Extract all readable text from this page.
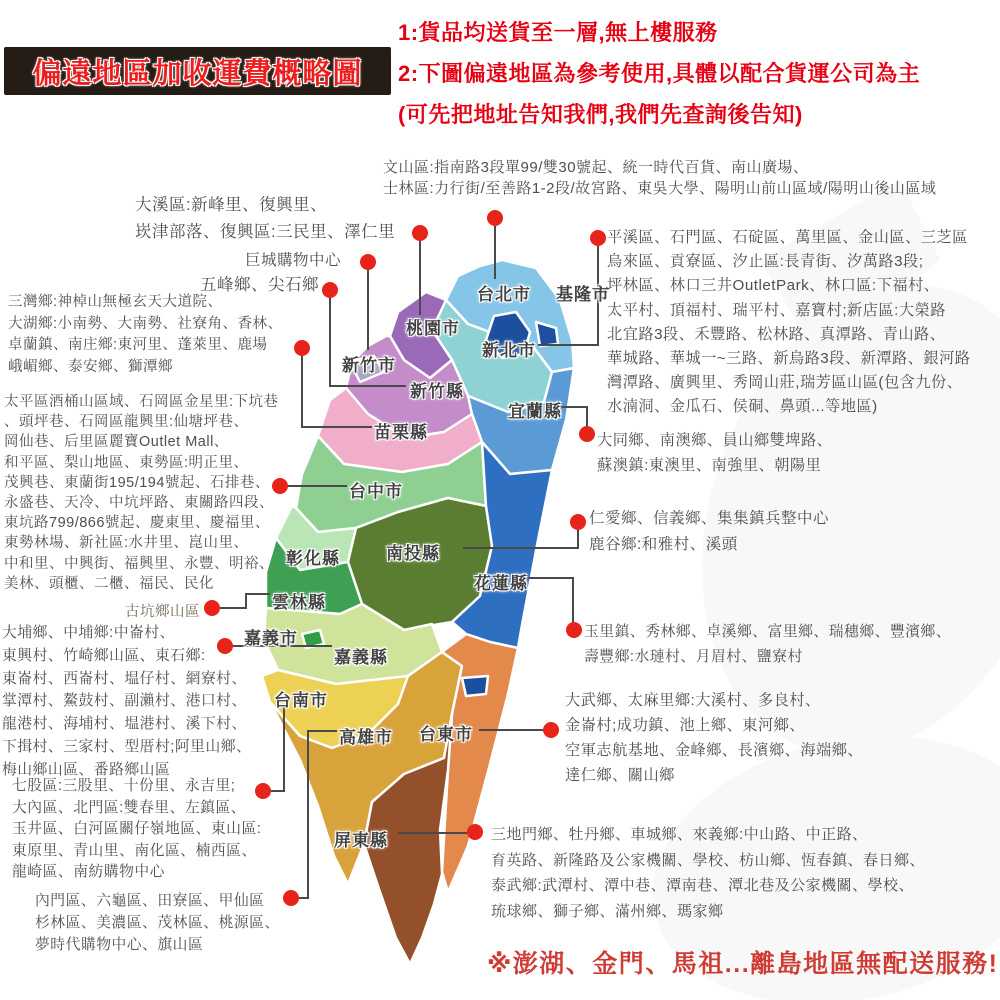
偏遠地區加收運費概略圖
1:貨品均送貨至一層,無上樓服務
2:下圖偏遠地區為參考使用,具體以配合貨運公司為主
(可先把地址告知我們,我們先查詢後告知)
基隆市
新北市
台北市
桃園市
新竹縣
新竹市
宜蘭縣
苗栗縣
台中市
彰化縣	南投縣
花蓮縣
雲林縣
嘉義市
嘉義縣
台南市
高雄市 台東市
屏東縣
大溪區:新峰里、復興里、
崁津部落、復興區:三民里、澤仁里
文山區:指南路3段單99/雙30號起、統一時代百貨、南山廣場、
士林區:力行街/至善路1-2段/故宮路、東吳大學、陽明山前山區域/陽明山後山區域
巨城購物中心
五峰鄉、尖石鄉
三灣鄉:神棹山無極玄天大道院、
大湖鄉:小南勢、大南勢、社寮角、香林、
卓蘭鎮、南庄鄉:東河里、蓬萊里、鹿場
峨嵋鄉、泰安鄉、獅潭鄉
太平區酒桶山區域、石岡區金星里:下坑巷
、頭坪巷、石岡區龍興里:仙塘坪巷、
岡仙巷、后里區麗寶Outlet Mall、
和平區、梨山地區、東勢區:明正里、
茂興巷、東蘭街195/194號起、石排巷、
永盛巷、天冷、中坑坪路、東關路四段、
東坑路799/866號起、慶東里、慶福里、
東勢林場、新社區:水井里、崑山里、
中和里、中興街、福興里、永豐、明裕、
美林、頭櫃、二櫃、福民、民化
古坑鄉山區
大埔鄉、中埔鄉:中崙村、
東興村、竹崎鄉山區、東石鄉:
東崙村、西崙村、塭仔村、網寮村、
掌潭村、鰲鼓村、副瀨村、港口村、
龍港村、海埔村、塭港村、溪下村、
下揖村、三家村、型厝村;阿里山鄉、
梅山鄉山區、番路鄉山區
七股區:三股里、十份里、永吉里;
大內區、北門區:雙春里、左鎮區、
玉井區、白河區關仔嶺地區、東山區:
東原里、青山里、南化區、楠西區、
龍崎區、南紡購物中心
內門區、六龜區、田寮區、甲仙區
杉林區、美濃區、茂林區、桃源區、
夢時代購物中心、旗山區
平溪區、石門區、石碇區、萬里區、金山區、三芝區
烏來區、貢寮區、汐止區:長青街、汐萬路3段;
坪林區、林口三井OutletPark、林口區:下福村、
太平村、頂福村、瑞平村、嘉寶村;新店區:大榮路
北宜路3段、禾豐路、松林路、真潭路、青山路、
華城路、華城一~三路、新烏路3段、新潭路、銀河路
灣潭路、廣興里、秀岡山莊,瑞芳區山區(包含九份、
水湳洞、金瓜石、侯硐、鼻頭...等地區)
大同鄉、南澳鄉、員山鄉雙埤路、
蘇澳鎮:東澳里、南強里、朝陽里
仁愛鄉、信義鄉、集集鎮兵整中心
鹿谷鄉:和雅村、溪頭
玉里鎮、秀林鄉、卓溪鄉、富里鄉、瑞穗鄉、豐濱鄉、
壽豐鄉:水璉村、月眉村、鹽寮村
大武鄉、太麻里鄉:大溪村、多良村、
金崙村;成功鎮、池上鄉、東河鄉、
空軍志航基地、金峰鄉、長濱鄉、海端鄉、
達仁鄉、關山鄉
三地門鄉、牡丹鄉、車城鄉、來義鄉:中山路、中正路、
育英路、新隆路及公家機關、學校、枋山鄉、恆春鎮、春日鄉、
泰武鄉:武潭村、潭中巷、潭南巷、潭北巷及公家機關、學校、
琉球鄉、獅子鄉、滿州鄉、瑪家鄉
※澎湖、金門、馬祖...離島地區無配送服務!
